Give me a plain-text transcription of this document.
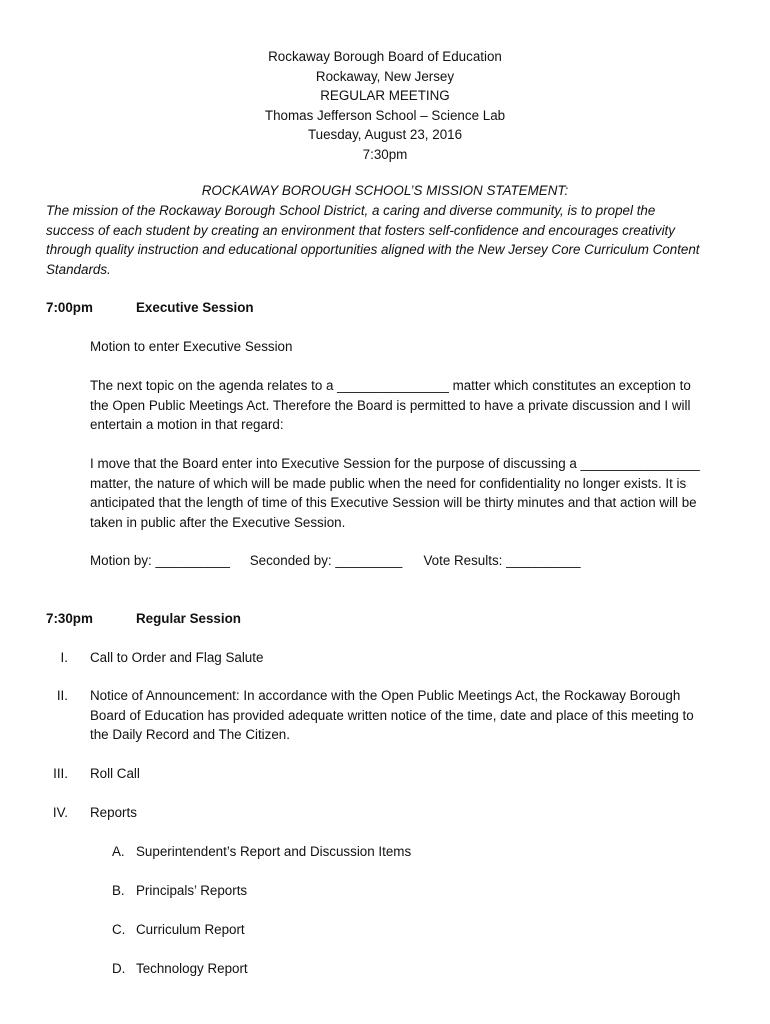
Rockaway Borough Board of Education
Rockaway, New Jersey
REGULAR MEETING
Thomas Jefferson School – Science Lab
Tuesday, August 23, 2016
7:30pm
ROCKAWAY BOROUGH SCHOOL’S MISSION STATEMENT:
The mission of the Rockaway Borough School District, a caring and diverse community, is to propel the
success of each student by creating an environment that fosters self-confidence and encourages creativity
through quality instruction and educational opportunities aligned with the New Jersey Core Curriculum Content
Standards.
7:00pm	Executive Session
Motion to enter Executive Session
The next topic on the agenda relates to a _______________ matter which constitutes an exception to
the Open Public Meetings Act. Therefore the Board is permitted to have a private discussion and I will
entertain a motion in that regard:
I move that the Board enter into Executive Session for the purpose of discussing a ________________
matter, the nature of which will be made public when the need for confidentiality no longer exists. It is
anticipated that the length of time of this Executive Session will be thirty minutes and that action will be
taken in public after the Executive Session.
Motion by: __________ Seconded by: _________ Vote Results: __________
7:30pm	Regular Session
I. Call to Order and Flag Salute
II. Notice of Announcement: In accordance with the Open Public Meetings Act, the Rockaway Borough
Board of Education has provided adequate written notice of the time, date and place of this meeting to
the Daily Record and The Citizen.
III. Roll Call
IV. Reports
A. Superintendent’s Report and Discussion Items
B. Principals’ Reports
C. Curriculum Report
D. Technology Report
